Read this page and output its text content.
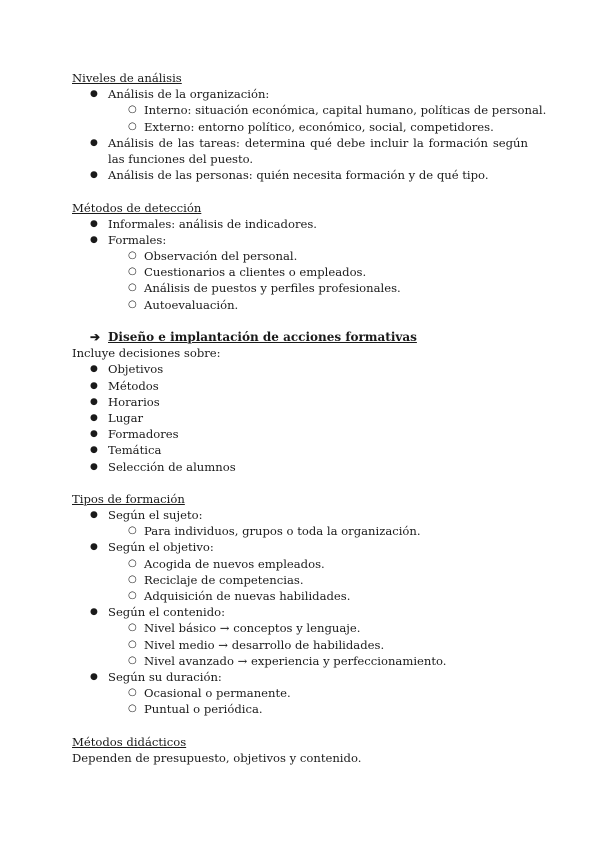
Niveles de análisis
● Análisis de la organización:
○ Interno: situación económica, capital humano, políticas de personal.
○ Externo: entorno político, económico, social, competidores.
● Análisis de las tareas: determina qué debe incluir la formación según las funciones del puesto.
● Análisis de las personas: quién necesita formación y de qué tipo.
Métodos de detección
● Informales: análisis de indicadores.
● Formales:
○ Observación del personal.
○ Cuestionarios a clientes o empleados.
○ Análisis de puestos y perfiles profesionales.
○ Autoevaluación.
➔ Diseño e implantación de acciones formativas
Incluye decisiones sobre:
● Objetivos
● Métodos
● Horarios
● Lugar
● Formadores
● Temática
● Selección de alumnos
Tipos de formación
● Según el sujeto:
○ Para individuos, grupos o toda la organización.
● Según el objetivo:
○ Acogida de nuevos empleados.
○ Reciclaje de competencias.
○ Adquisición de nuevas habilidades.
● Según el contenido:
○ Nivel básico → conceptos y lenguaje.
○ Nivel medio → desarrollo de habilidades.
○ Nivel avanzado → experiencia y perfeccionamiento.
● Según su duración:
○ Ocasional o permanente.
○ Puntual o periódica.
Métodos didácticos
Dependen de presupuesto, objetivos y contenido.
